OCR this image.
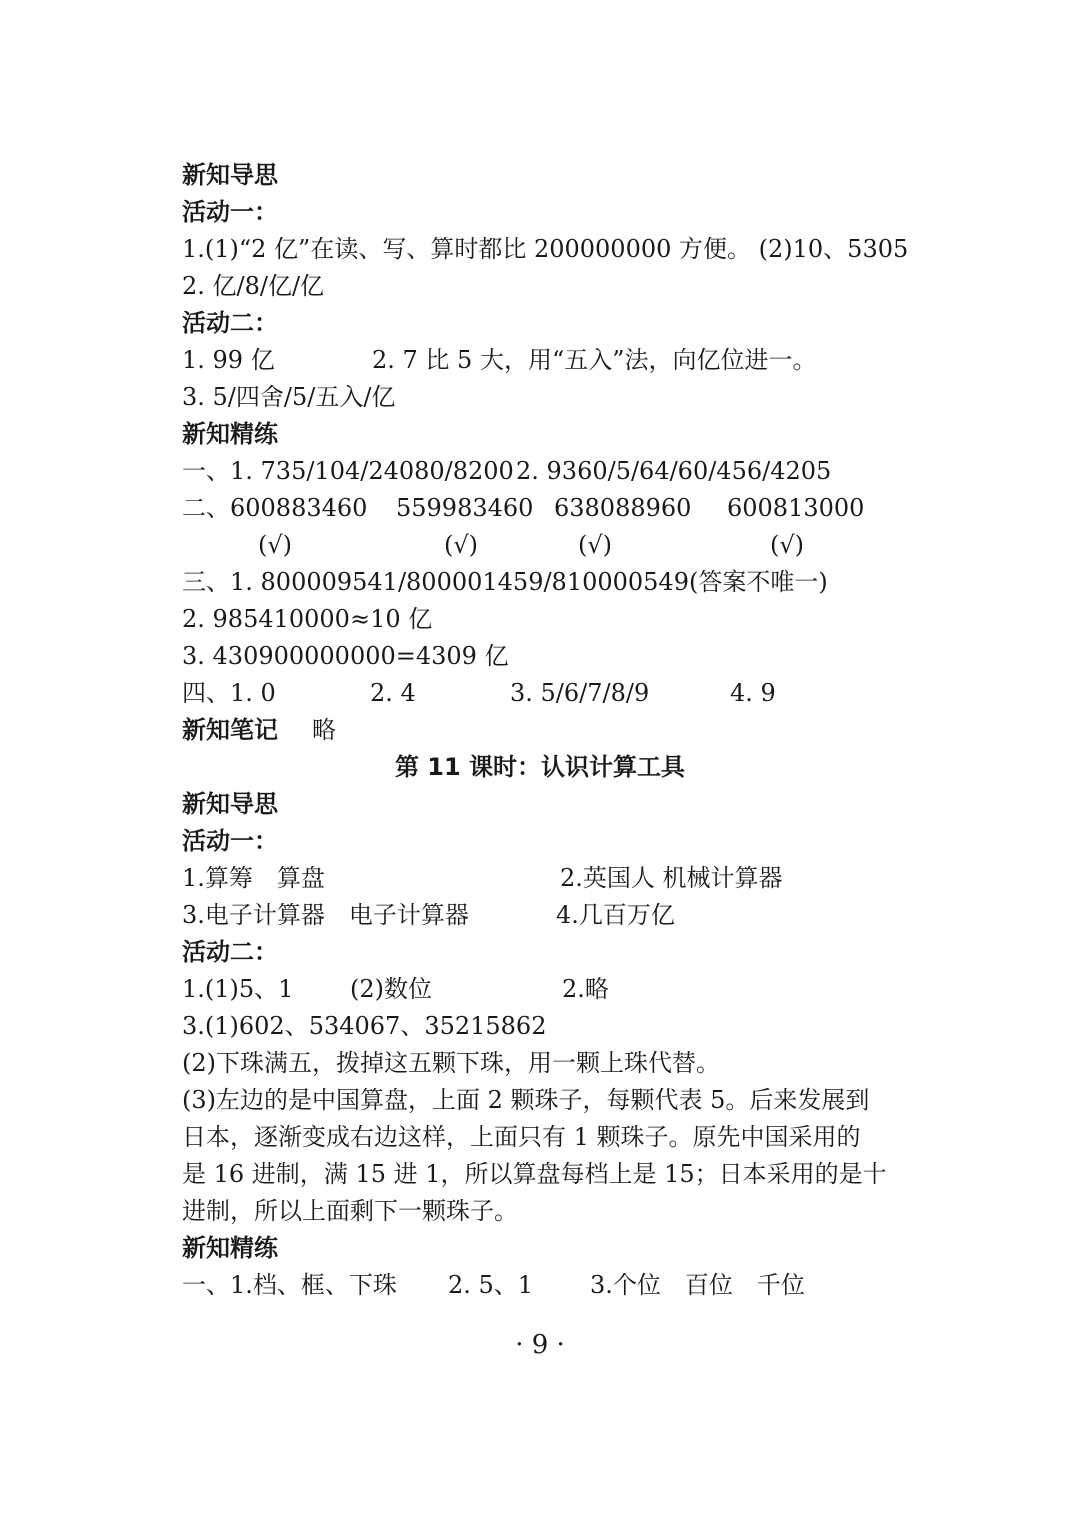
新知导思
活动一：
1.(1)“2 亿”在读、写、算时都比 200000000 方便。 (2)10、5305
2. 亿/8/亿/亿
活动二：
1. 99 亿	2. 7 比 5 大，用“五入”法，向亿位进一。
3. 5/四舍/5/五入/亿
新知精练
一、1. 735/104/24080/8200 2. 9360/5/64/60/456/4205
二、 600883460 559983460 638088960 600813000
(√)	(√)	(√)	(√)
三、1. 800009541/800001459/810000549(答案不唯一)
2. 985410000≈10 亿
3. 430900000000=4309 亿
四、1. 0	2. 4	3. 5/6/7/8/9	4. 9
新知笔记 略
第 11 课时：认识计算工具
新知导思
活动一：
1.算筹　算盘	2.英国人 机械计算器
3.电子计算器　电子计算器	4.几百万亿
活动二：
1.(1)5、1 (2)数位	2.略
3.(1)602、534067、35215862
(2)下珠满五，拨掉这五颗下珠，用一颗上珠代替。
(3)左边的是中国算盘，上面 2 颗珠子，每颗代表 5。后来发展到
日本，逐渐变成右边这样，上面只有 1 颗珠子。原先中国采用的
是 16 进制，满 15 进 1，所以算盘每档上是 15；日本采用的是十
进制，所以上面剩下一颗珠子。
新知精练
一、1.档、框、下珠 2. 5、1 3.个位　百位　千位
· 9 ·
